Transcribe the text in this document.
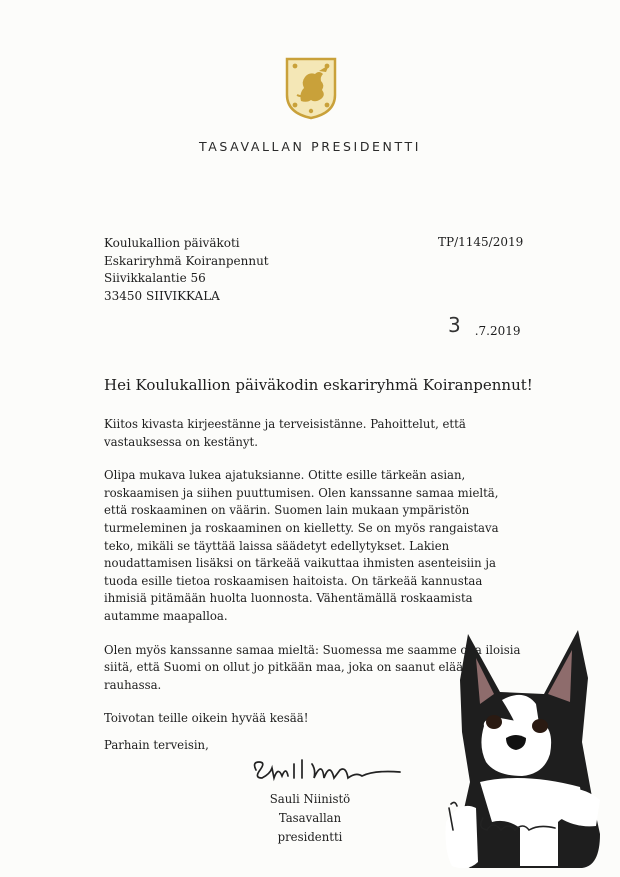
TASAVALLAN PRESIDENTTI
Koulukallion päiväkoti
Eskariryhmä Koiranpennut
Siivikkalantie 56
33450 SIIVIKKALA
TP/1145/2019
3 .7.2019
Hei Koulukallion päiväkodin eskariryhmä Koiranpennut!

Kiitos kivasta kirjeestänne ja terveisistänne. Pahoittelut, että vastauksessa on kestänyt.

Olipa mukava lukea ajatuksianne. Otitte esille tärkeän asian, roskaamisen ja siihen puuttumisen. Olen kanssanne samaa mieltä, että roskaaminen on väärin. Suomen lain mukaan ympäristön turmeleminen ja roskaaminen on kielletty. Se on myös rangaistava teko, mikäli se täyttää laissa säädetyt edellytykset. Lakien noudattamisen lisäksi on tärkeää vaikuttaa ihmisten asenteisiin ja tuoda esille tietoa roskaamisen haitoista. On tärkeää kannustaa ihmisiä pitämään huolta luonnosta. Vähentämällä roskaamista autamme maapalloa.

Olen myös kanssanne samaa mieltä: Suomessa me saamme olla iloisia siitä, että Suomi on ollut jo pitkään maa, joka on saanut elää rauhassa.

Toivotan teille oikein hyvää kesää!

Parhain terveisin,
Sauli Niinistö
Tasavallan presidentti
